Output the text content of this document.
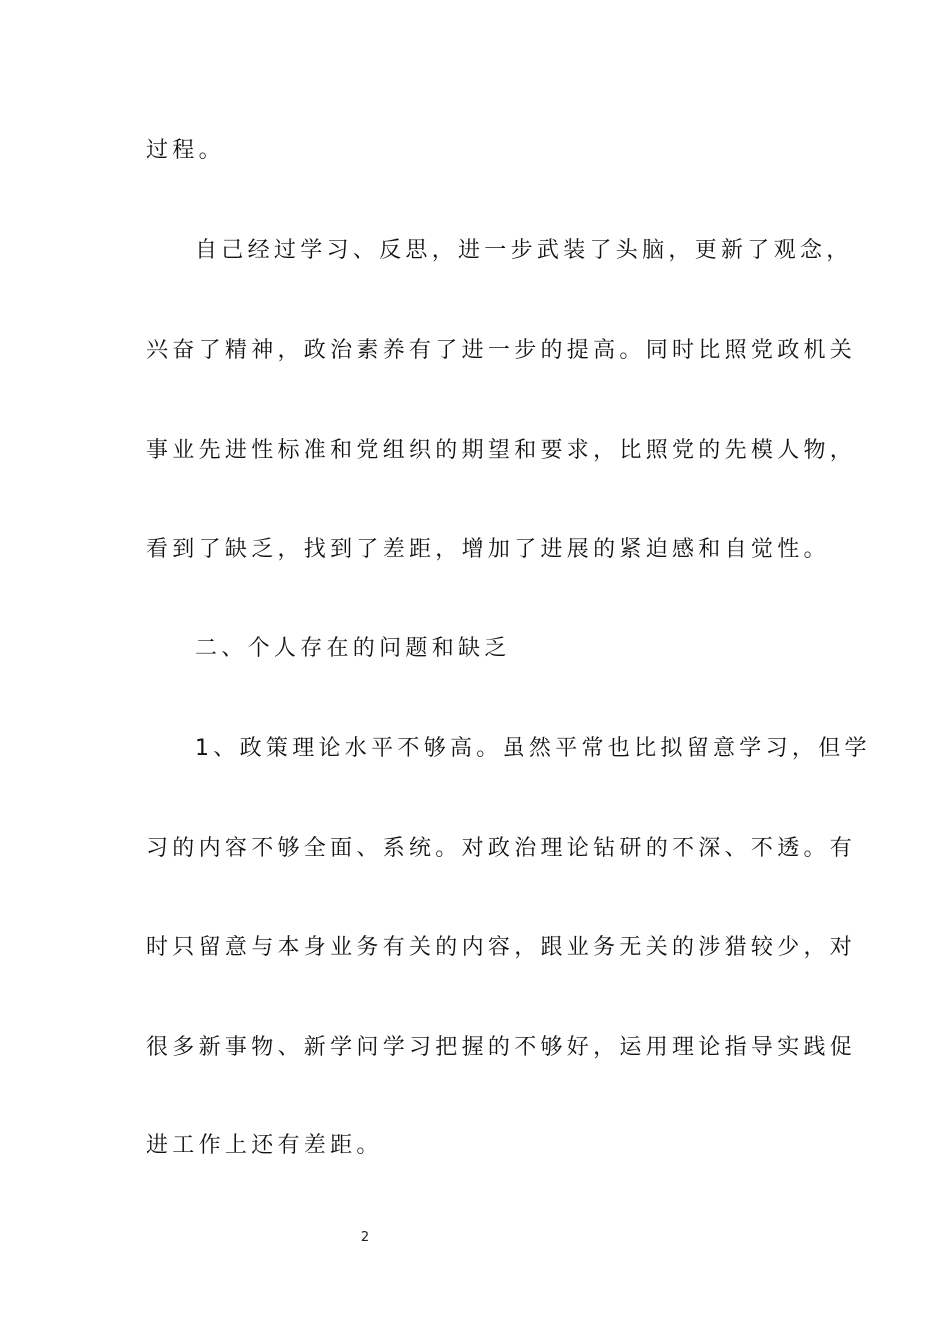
过程。
自己经过学习、反思，进一步武装了头脑，更新了观念，
兴奋了精神，政治素养有了进一步的提高。同时比照党政机关
事业先进性标准和党组织的期望和要求，比照党的先模人物，
看到了缺乏，找到了差距，增加了进展的紧迫感和自觉性。
二、个人存在的问题和缺乏
1、政策理论水平不够高。虽然平常也比拟留意学习，但学
习的内容不够全面、系统。对政治理论钻研的不深、不透。有
时只留意与本身业务有关的内容，跟业务无关的涉猎较少，对
很多新事物、新学问学习把握的不够好，运用理论指导实践促
进工作上还有差距。
2
